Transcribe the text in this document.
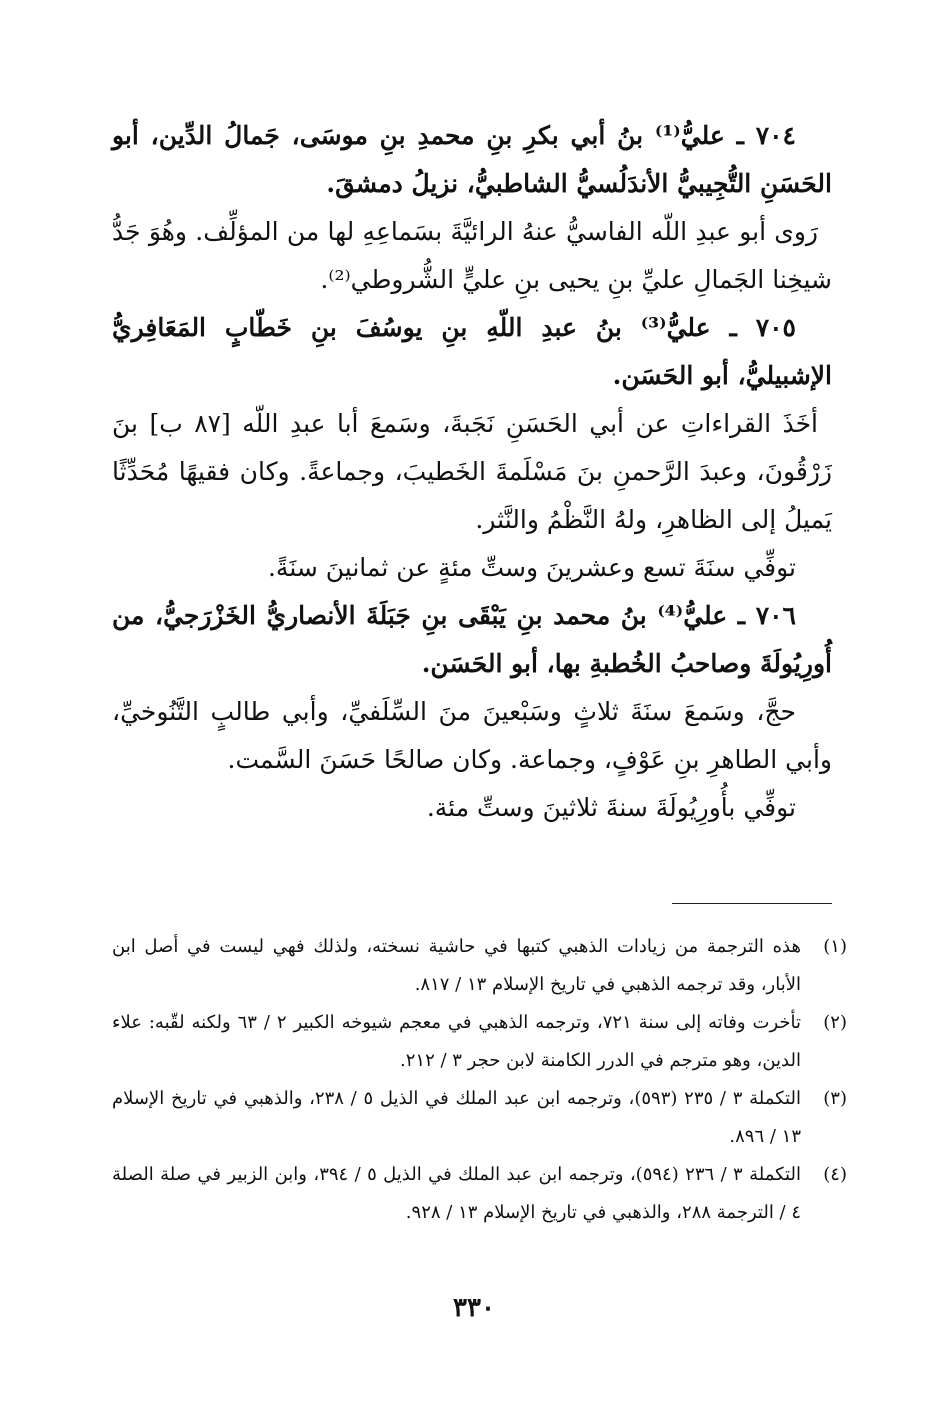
٧٠٤ ـ عليُّ⁽¹⁾ بنُ أبي بكرِ بنِ محمدِ بنِ موسَى، جَمالُ الدِّين، أبو الحَسَنِ التُّجِيبيُّ الأندَلُسيُّ الشاطبيُّ، نزيلُ دمشقَ.

رَوى أبو عبدِ اللّه الفاسيُّ عنهُ الرائيَّةَ بسَماعِهِ لها من المؤلِّف. وهُوَ جَدُّ شيخِنا الجَمالِ عليِّ بنِ يحيى بنِ عليٍّ الشُّروطي⁽²⁾.

٧٠٥ ـ عليُّ⁽³⁾ بنُ عبدِ اللّهِ بنِ يوسُفَ بنِ خَطّابٍ المَعَافِريُّ الإشبيليُّ، أبو الحَسَن.

أخَذَ القراءاتِ عن أبي الحَسَنِ نَجَبةَ، وسَمعَ أبا عبدِ اللّه [٨٧ ب] بنَ زَرْقُونَ، وعبدَ الرَّحمنِ بنَ مَسْلَمةَ الخَطيبَ، وجماعةً. وكان فقيهًا مُحَدِّثًا يَميلُ إلى الظاهرِ، ولهُ النَّظْمُ والنَّثر.

توفِّي سنَةَ تسع وعشرينَ وستِّ مئةٍ عن ثمانينَ سنَةً.

٧٠٦ ـ عليُّ⁽⁴⁾ بنُ محمد بنِ يَبْقَى بنِ جَبَلَةَ الأنصاريُّ الخَزْرَجيُّ، من أُورِيُولَةَ وصاحبُ الخُطبةِ بها، أبو الحَسَن.

حجَّ، وسَمعَ سنَةَ ثلاثٍ وسَبْعينَ منَ السِّلَفيِّ، وأبي طالبٍ التَّنُوخيِّ، وأبي الطاهرِ بنِ عَوْفٍ، وجماعة. وكان صالحًا حَسَنَ السَّمت.

توفِّي بأُورِيُولَةَ سنةَ ثلاثينَ وستِّ مئة.

(١)
هذه الترجمة من زيادات الذهبي كتبها في حاشية نسخته، ولذلك فهي ليست في أصل ابن الأبار، وقد ترجمه الذهبي في تاريخ الإسلام ١٣ / ٨١٧.
(٢)
تأخرت وفاته إلى سنة ٧٢١، وترجمه الذهبي في معجم شيوخه الكبير ٢ / ٦٣ ولكنه لقّبه: علاء الدين، وهو مترجم في الدرر الكامنة لابن حجر ٣ / ٢١٢.
(٣)
التكملة ٣ / ٢٣٥ (٥٩٣)، وترجمه ابن عبد الملك في الذيل ٥ / ٢٣٨، والذهبي في تاريخ الإسلام ١٣ / ٨٩٦.
(٤)
التكملة ٣ / ٢٣٦ (٥٩٤)، وترجمه ابن عبد الملك في الذيل ٥ / ٣٩٤، وابن الزبير في صلة الصلة ٤ / الترجمة ٢٨٨، والذهبي في تاريخ الإسلام ١٣ / ٩٢٨.
٣٣٠
